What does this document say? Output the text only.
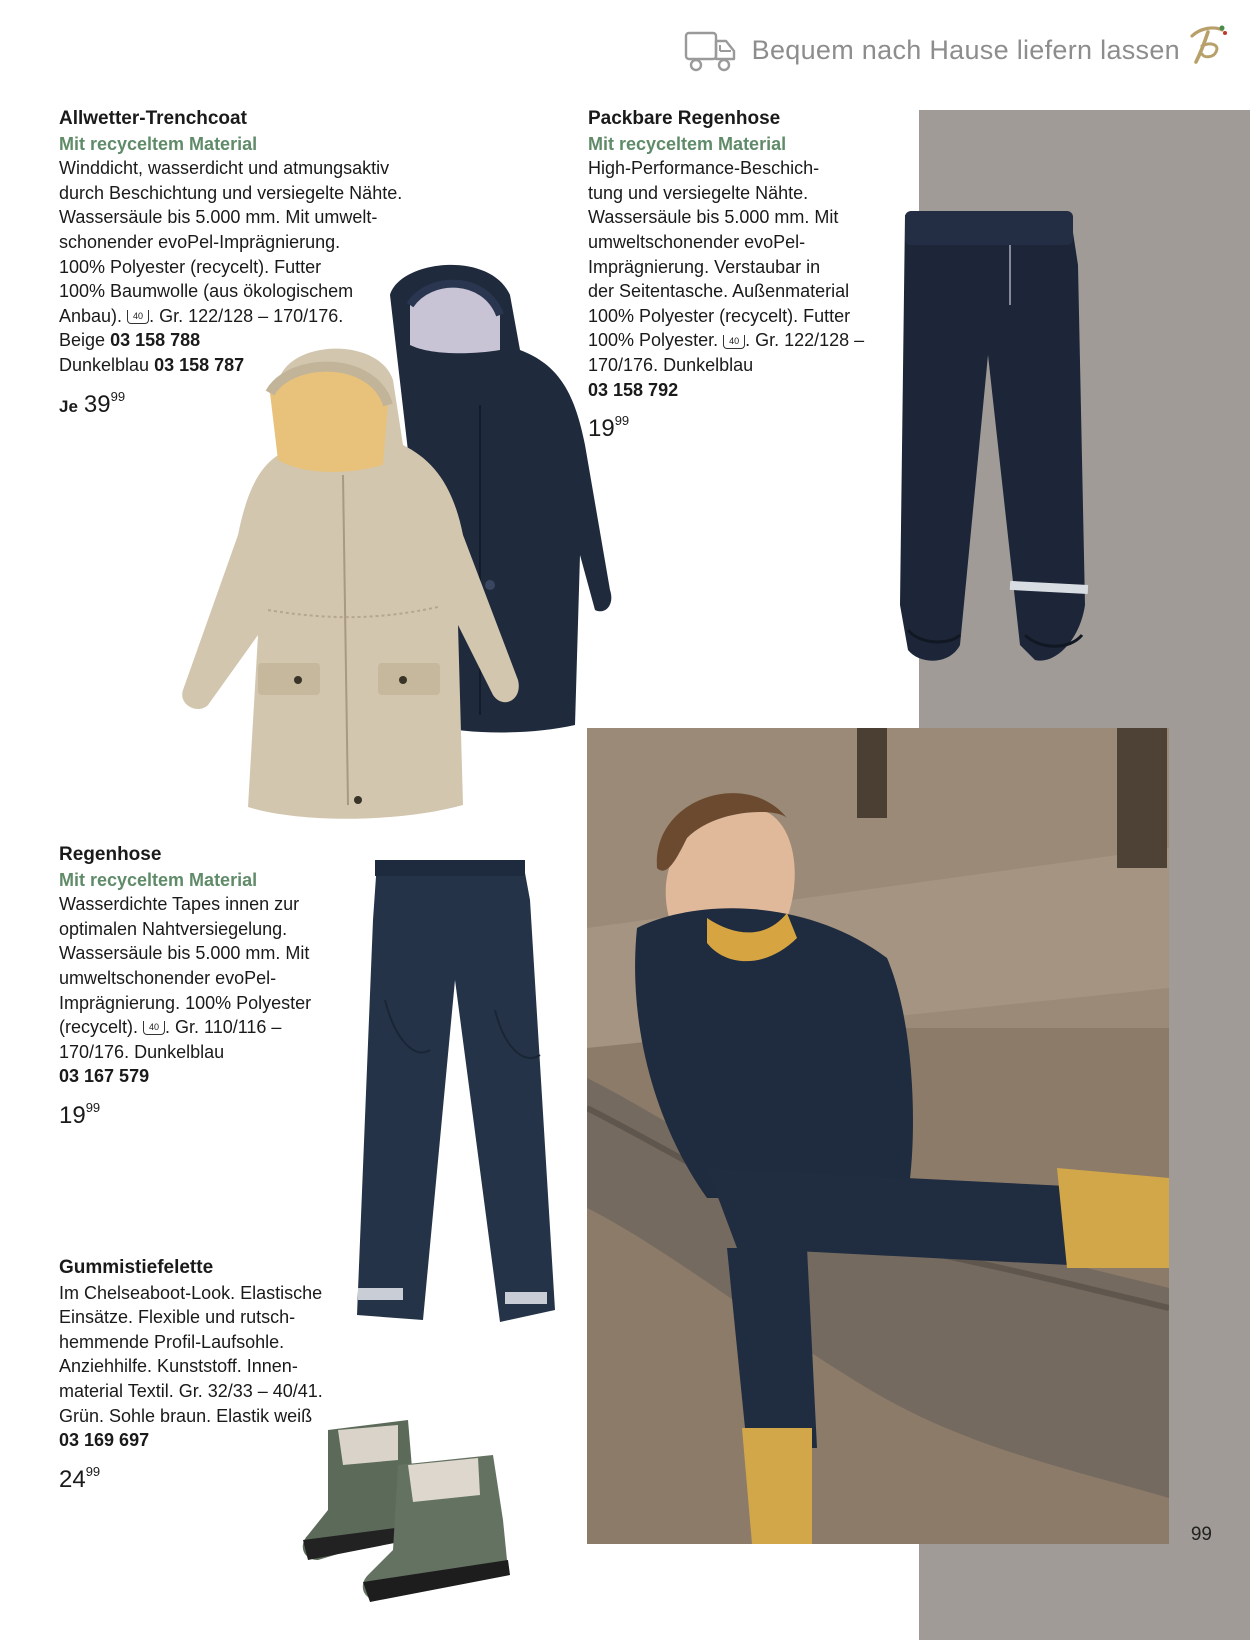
Bequem nach Hause liefern lassen
Allwetter-Trenchcoat
Mit recyceltem Material
Winddicht, wasserdicht und atmungsaktiv
durch Beschichtung und versiegelte Nähte.
Wassersäule bis 5.000 mm. Mit umwelt-
schonender evoPel-Imprägnierung.
100% Polyester (recycelt). Futter
100% Baumwolle (aus ökologischem
Anbau). 40 . Gr. 122/128 – 170/176.
Beige 03 158 788
Dunkelblau 03 158 787
Je $39^{99}$
Packbare Regenhose
Mit recyceltem Material
High-Performance-Beschich-
tung und versiegelte Nähte.
Wassersäule bis 5.000 mm. Mit
umweltschonender evoPel-
Imprägnierung. Verstaubar in
der Seitentasche. Außenmaterial
100% Polyester (recycelt). Futter
100% Polyester. 40 . Gr. 122/128 –
170/176. Dunkelblau
03 158 792
$19^{99}$
Regenhose
Mit recyceltem Material
Wasserdichte Tapes innen zur
optimalen Nahtversiegelung.
Wassersäule bis 5.000 mm. Mit
umweltschonender evoPel-
Imprägnierung. 100% Polyester
(recycelt). 40 . Gr. 110/116 –
170/176. Dunkelblau
03 167 579
$19^{99}$
Gummistiefelette
Im Chelseaboot-Look. Elastische
Einsätze. Flexible und rutsch-
hemmende Profil-Laufsohle.
Anziehhilfe. Kunststoff. Innen-
material Textil. Gr. 32/33 – 40/41.
Grün. Sohle braun. Elastik weiß
03 169 697
$24^{99}$
99
